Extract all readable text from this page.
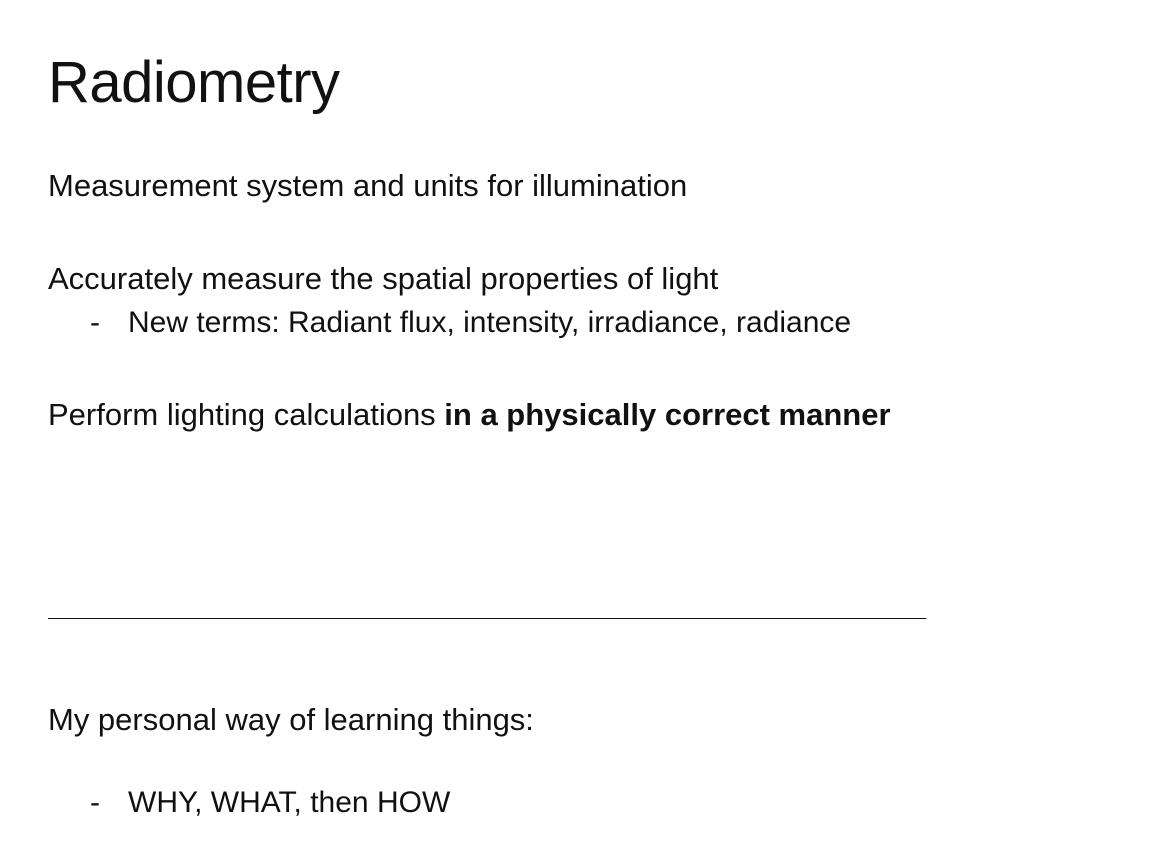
Radiometry

Measurement system and units for illumination

Accurately measure the spatial properties of light

- New terms: Radiant flux, intensity, irradiance, radiance

Perform lighting calculations in a physically correct manner

______________________________________________________

My personal way of learning things:

- WHY, WHAT, then HOW
